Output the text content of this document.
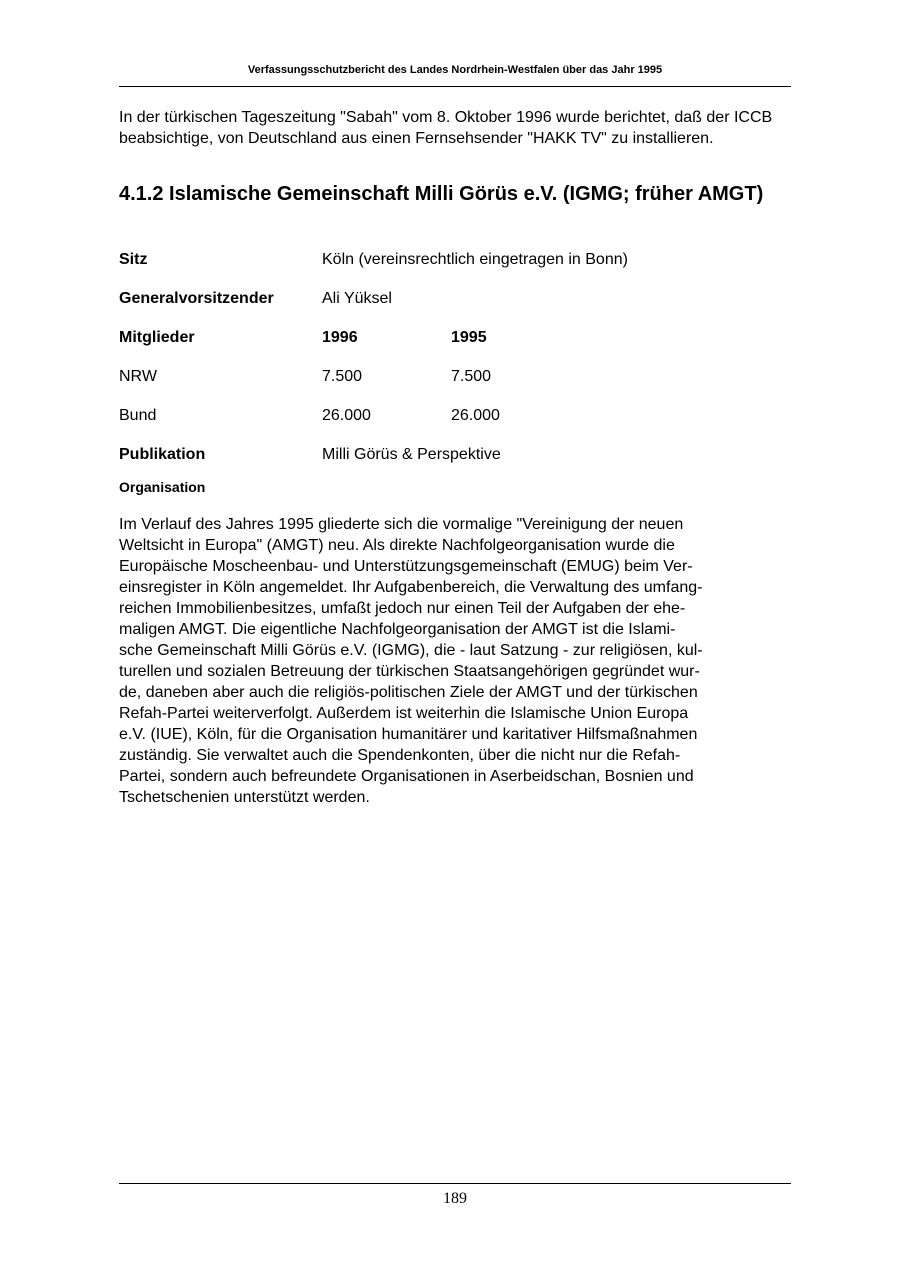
Verfassungsschutzbericht des Landes Nordrhein-Westfalen über das Jahr 1995

In der türkischen Tageszeitung "Sabah" vom 8. Oktober 1996 wurde berichtet, daß der ICCB beabsichtige, von Deutschland aus einen Fernsehsender "HAKK TV" zu installieren.

4.1.2 Islamische Gemeinschaft Milli Görüs e.V. (IGMG; früher AMGT)
Sitz	Köln (vereinsrechtlich eingetragen in Bonn)	
Generalvorsitzender	Ali Yüksel	
Mitglieder	1996	1995
NRW	7.500	7.500
Bund	26.000	26.000
Publikation	Milli Görüs & Perspektive	
Organisation

Im Verlauf des Jahres 1995 gliederte sich die vormalige "Vereinigung der neuen
Weltsicht in Europa" (AMGT) neu. Als direkte Nachfolgeorganisation wurde die
Europäische Moscheenbau- und Unterstützungsgemeinschaft (EMUG) beim Ver-
einsregister in Köln angemeldet. Ihr Aufgabenbereich, die Verwaltung des umfang-
reichen Immobilienbesitzes, umfaßt jedoch nur einen Teil der Aufgaben der ehe-
maligen AMGT. Die eigentliche Nachfolgeorganisation der AMGT ist die Islami-
sche Gemeinschaft Milli Görüs e.V. (IGMG), die - laut Satzung - zur religiösen, kul-
turellen und sozialen Betreuung der türkischen Staatsangehörigen gegründet wur-
de, daneben aber auch die religiös-politischen Ziele der AMGT und der türkischen
Refah-Partei weiterverfolgt. Außerdem ist weiterhin die Islamische Union Europa
e.V. (IUE), Köln, für die Organisation humanitärer und karitativer Hilfsmaßnahmen
zuständig. Sie verwaltet auch die Spendenkonten, über die nicht nur die Refah-
Partei, sondern auch befreundete Organisationen in Aserbeidschan, Bosnien und
Tschetschenien unterstützt werden.

189
